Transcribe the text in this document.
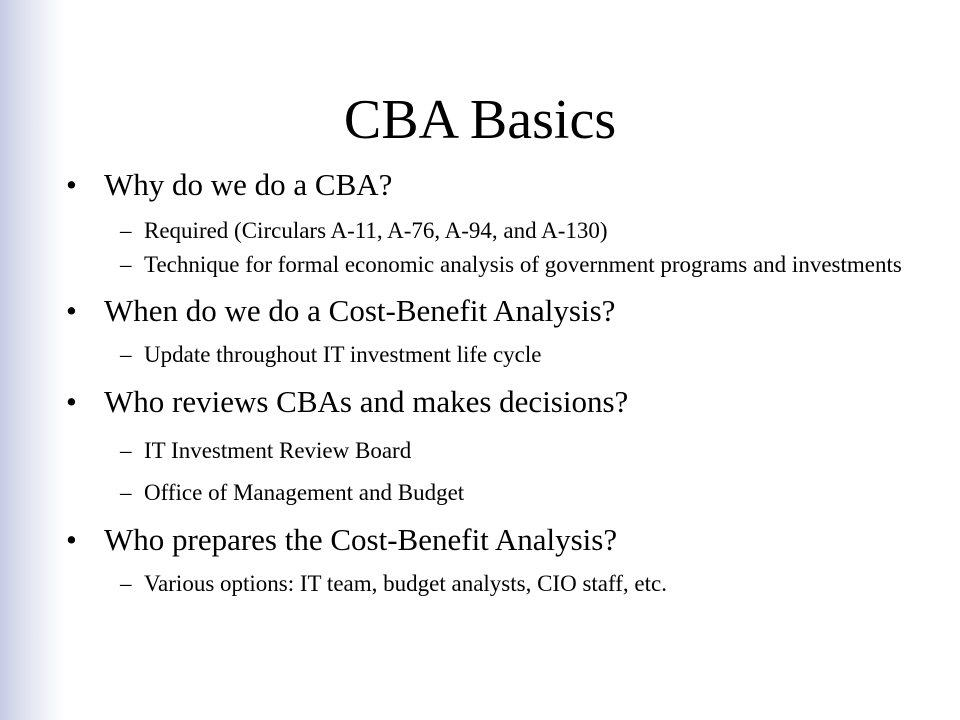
CBA Basics
• Why do we do a CBA?
– Required (Circulars A-11, A-76, A-94, and A-130)
– Technique for formal economic analysis of government programs and investments
• When do we do a Cost-Benefit Analysis?
– Update throughout IT investment life cycle
• Who reviews CBAs and makes decisions?
– IT Investment Review Board
– Office of Management and Budget
• Who prepares the Cost-Benefit Analysis?
– Various options: IT team, budget analysts, CIO staff, etc.
